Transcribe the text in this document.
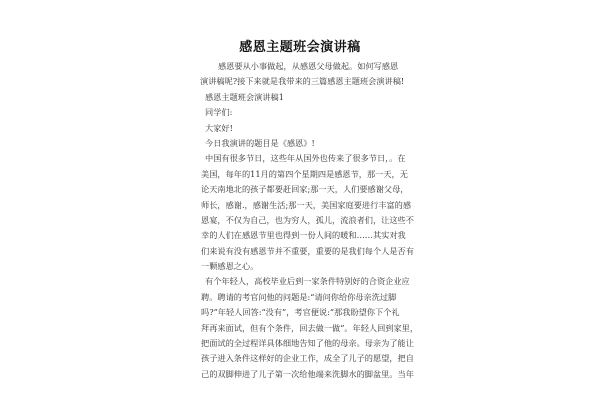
感恩主题班会演讲稿
感恩要从小事做起，从感恩父母做起。如何写感恩
演讲稿呢?接下来就是我带来的三篇感恩主题班会演讲稿!
感恩主题班会演讲稿1
同学们:
大家好!
今日我演讲的题目是《感恩》!
中国有很多节日，这些年从国外也传来了很多节日，。在
美国，每年的11月的第四个星期四是感恩节，那一天，无
论天南地北的孩子都要赶回家;那一天，人们要感谢父母，
师长，感谢.，感谢生活;那一天，美国家庭要进行丰富的感
恩宴，不仅为自己，也为穷人，孤儿，流浪者们，让这些不
幸的人们在感恩节里也得到一份人间的暖和……其实对我
们来说有没有感恩节并不重要，重要的是我们每个人是否有
一颗感恩之心。
有个年轻人，高校毕业后到一家条件特别好的合资企业应
聘。聘请的考官问他的问题是:“请问你给你母亲洗过脚
吗?”年轻人回答:“没有”，考官便说:“那我盼望你下个礼
拜再来面试，但有个条件，回去做一做”。年轻人回到家里，
把面试的全过程详具体细地告知了他的母亲。母亲为了能让
孩子进入条件这样好的企业工作，成全了儿子的愿望，把自
己的双脚伸进了儿子第一次给他端来洗脚水的脚盆里。当年
